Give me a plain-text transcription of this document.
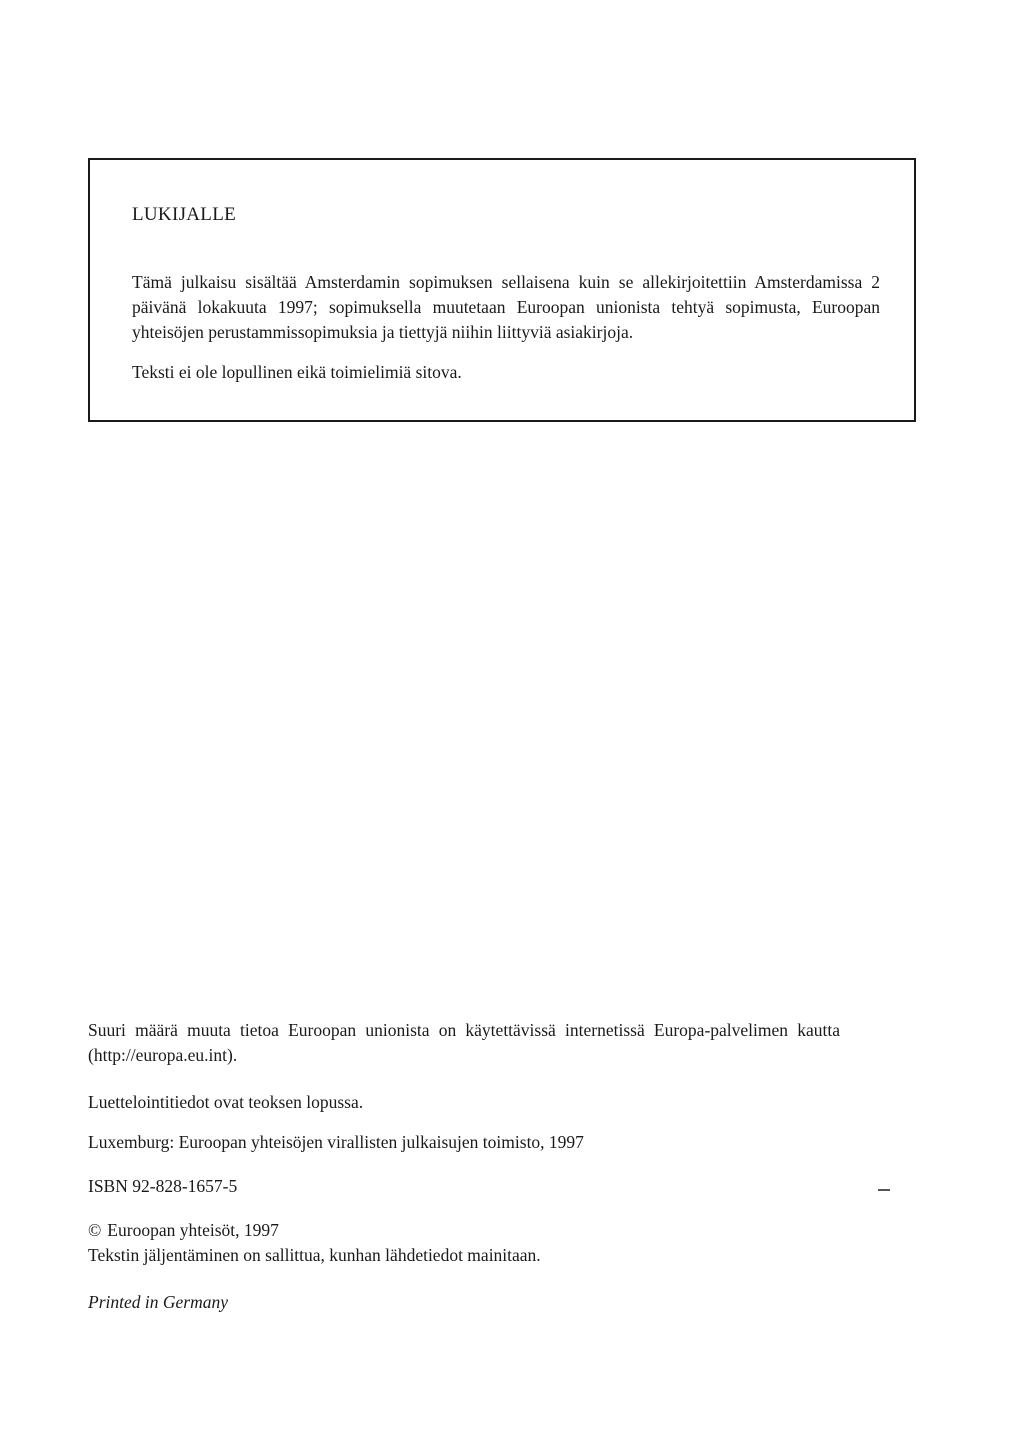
LUKIJALLE

Tämä julkaisu sisältää Amsterdamin sopimuksen sellaisena kuin se allekirjoitettiin Amsterdamissa 2 päivänä lokakuuta 1997; sopimuksella muutetaan Euroopan unionista tehtyä sopimusta, Euroopan yhteisöjen perustammissopimuksia ja tiettyjä niihin liittyviä asiakirjoja.

Teksti ei ole lopullinen eikä toimielimiä sitova.

Suuri määrä muuta tietoa Euroopan unionista on käytettävissä internetissä Europa-palvelimen kautta (http://europa.eu.int).

Luettelointitiedot ovat teoksen lopussa.

Luxemburg: Euroopan yhteisöjen virallisten julkaisujen toimisto, 1997

ISBN 92-828-1657-5

© Euroopan yhteisöt, 1997
Tekstin jäljentäminen on sallittua, kunhan lähdetiedot mainitaan.

Printed in Germany
